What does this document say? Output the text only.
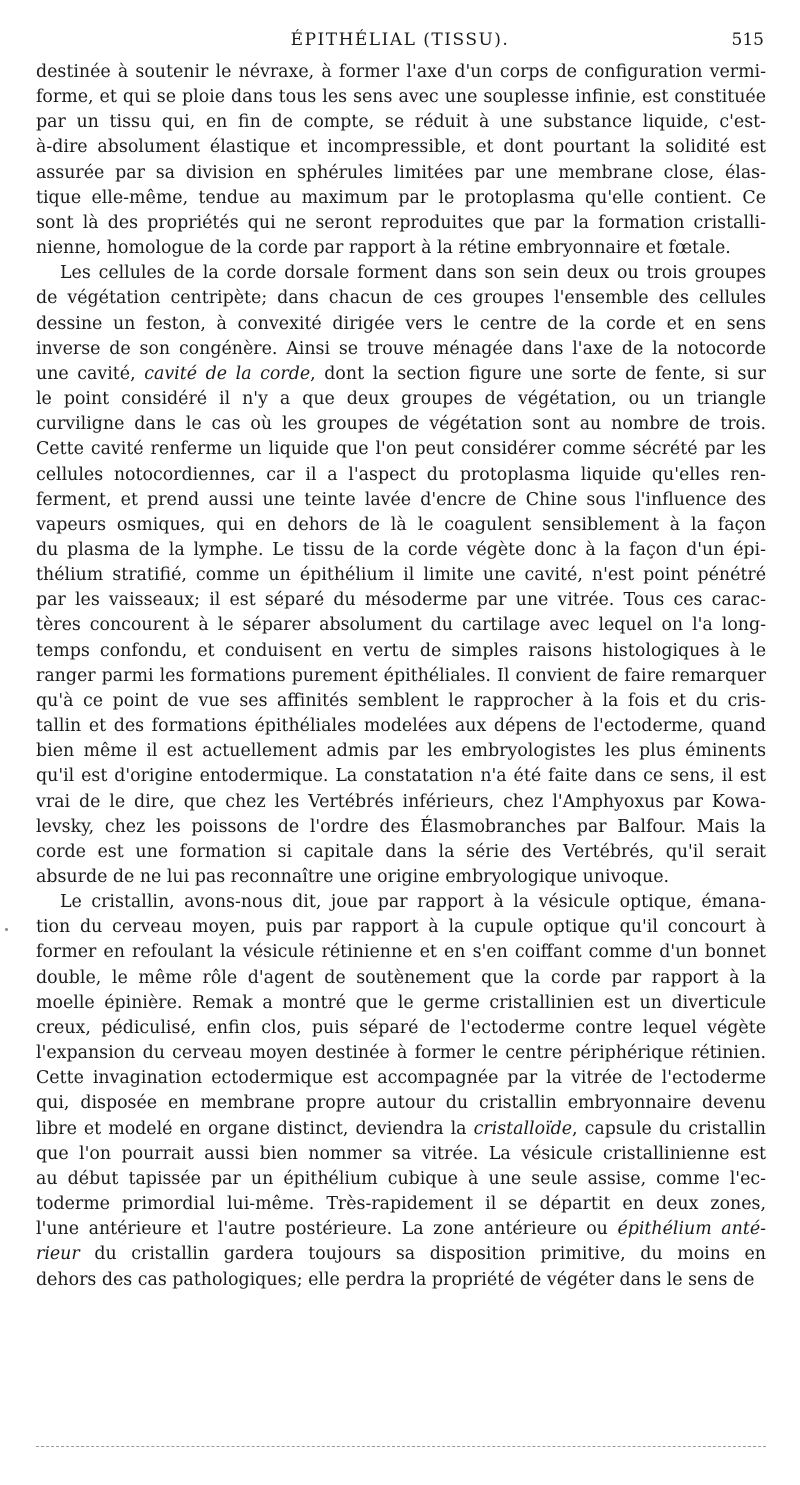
ÉPITHÉLIAL (TISSU).	515

destinée à soutenir le névraxe, à former l'axe d'un corps de configuration vermi-
forme, et qui se ploie dans tous les sens avec une souplesse infinie, est constituée
par un tissu qui, en fin de compte, se réduit à une substance liquide, c'est-
à-dire absolument élastique et incompressible, et dont pourtant la solidité est
assurée par sa division en sphérules limitées par une membrane close, élas-
tique elle-même, tendue au maximum par le protoplasma qu'elle contient. Ce
sont là des propriétés qui ne seront reproduites que par la formation cristalli-
nienne, homologue de la corde par rapport à la rétine embryonnaire et fœtale.

Les cellules de la corde dorsale forment dans son sein deux ou trois groupes
de végétation centripète; dans chacun de ces groupes l'ensemble des cellules
dessine un feston, à convexité dirigée vers le centre de la corde et en sens
inverse de son congénère. Ainsi se trouve ménagée dans l'axe de la notocorde
une cavité, cavité de la corde, dont la section figure une sorte de fente, si sur
le point considéré il n'y a que deux groupes de végétation, ou un triangle
curviligne dans le cas où les groupes de végétation sont au nombre de trois.
Cette cavité renferme un liquide que l'on peut considérer comme sécrété par les
cellules notocordiennes, car il a l'aspect du protoplasma liquide qu'elles ren-
ferment, et prend aussi une teinte lavée d'encre de Chine sous l'influence des
vapeurs osmiques, qui en dehors de là le coagulent sensiblement à la façon
du plasma de la lymphe. Le tissu de la corde végète donc à la façon d'un épi-
thélium stratifié, comme un épithélium il limite une cavité, n'est point pénétré
par les vaisseaux; il est séparé du mésoderme par une vitrée. Tous ces carac-
tères concourent à le séparer absolument du cartilage avec lequel on l'a long-
temps confondu, et conduisent en vertu de simples raisons histologiques à le
ranger parmi les formations purement épithéliales. Il convient de faire remarquer
qu'à ce point de vue ses affinités semblent le rapprocher à la fois et du cris-
tallin et des formations épithéliales modelées aux dépens de l'ectoderme, quand
bien même il est actuellement admis par les embryologistes les plus éminents
qu'il est d'origine entodermique. La constatation n'a été faite dans ce sens, il est
vrai de le dire, que chez les Vertébrés inférieurs, chez l'Amphyoxus par Kowa-
levsky, chez les poissons de l'ordre des Élasmobranches par Balfour. Mais la
corde est une formation si capitale dans la série des Vertébrés, qu'il serait
absurde de ne lui pas reconnaître une origine embryologique univoque.

Le cristallin, avons-nous dit, joue par rapport à la vésicule optique, émana-
tion du cerveau moyen, puis par rapport à la cupule optique qu'il concourt à
former en refoulant la vésicule rétinienne et en s'en coiffant comme d'un bonnet
double, le même rôle d'agent de soutènement que la corde par rapport à la
moelle épinière. Remak a montré que le germe cristallinien est un diverticule
creux, pédiculisé, enfin clos, puis séparé de l'ectoderme contre lequel végète
l'expansion du cerveau moyen destinée à former le centre périphérique rétinien.
Cette invagination ectodermique est accompagnée par la vitrée de l'ectoderme
qui, disposée en membrane propre autour du cristallin embryonnaire devenu
libre et modelé en organe distinct, deviendra la cristalloïde, capsule du cristallin
que l'on pourrait aussi bien nommer sa vitrée. La vésicule cristallinienne est
au début tapissée par un épithélium cubique à une seule assise, comme l'ec-
toderme primordial lui-même. Très-rapidement il se départit en deux zones,
l'une antérieure et l'autre postérieure. La zone antérieure ou épithélium anté-
rieur du cristallin gardera toujours sa disposition primitive, du moins en
dehors des cas pathologiques; elle perdra la propriété de végéter dans le sens de
